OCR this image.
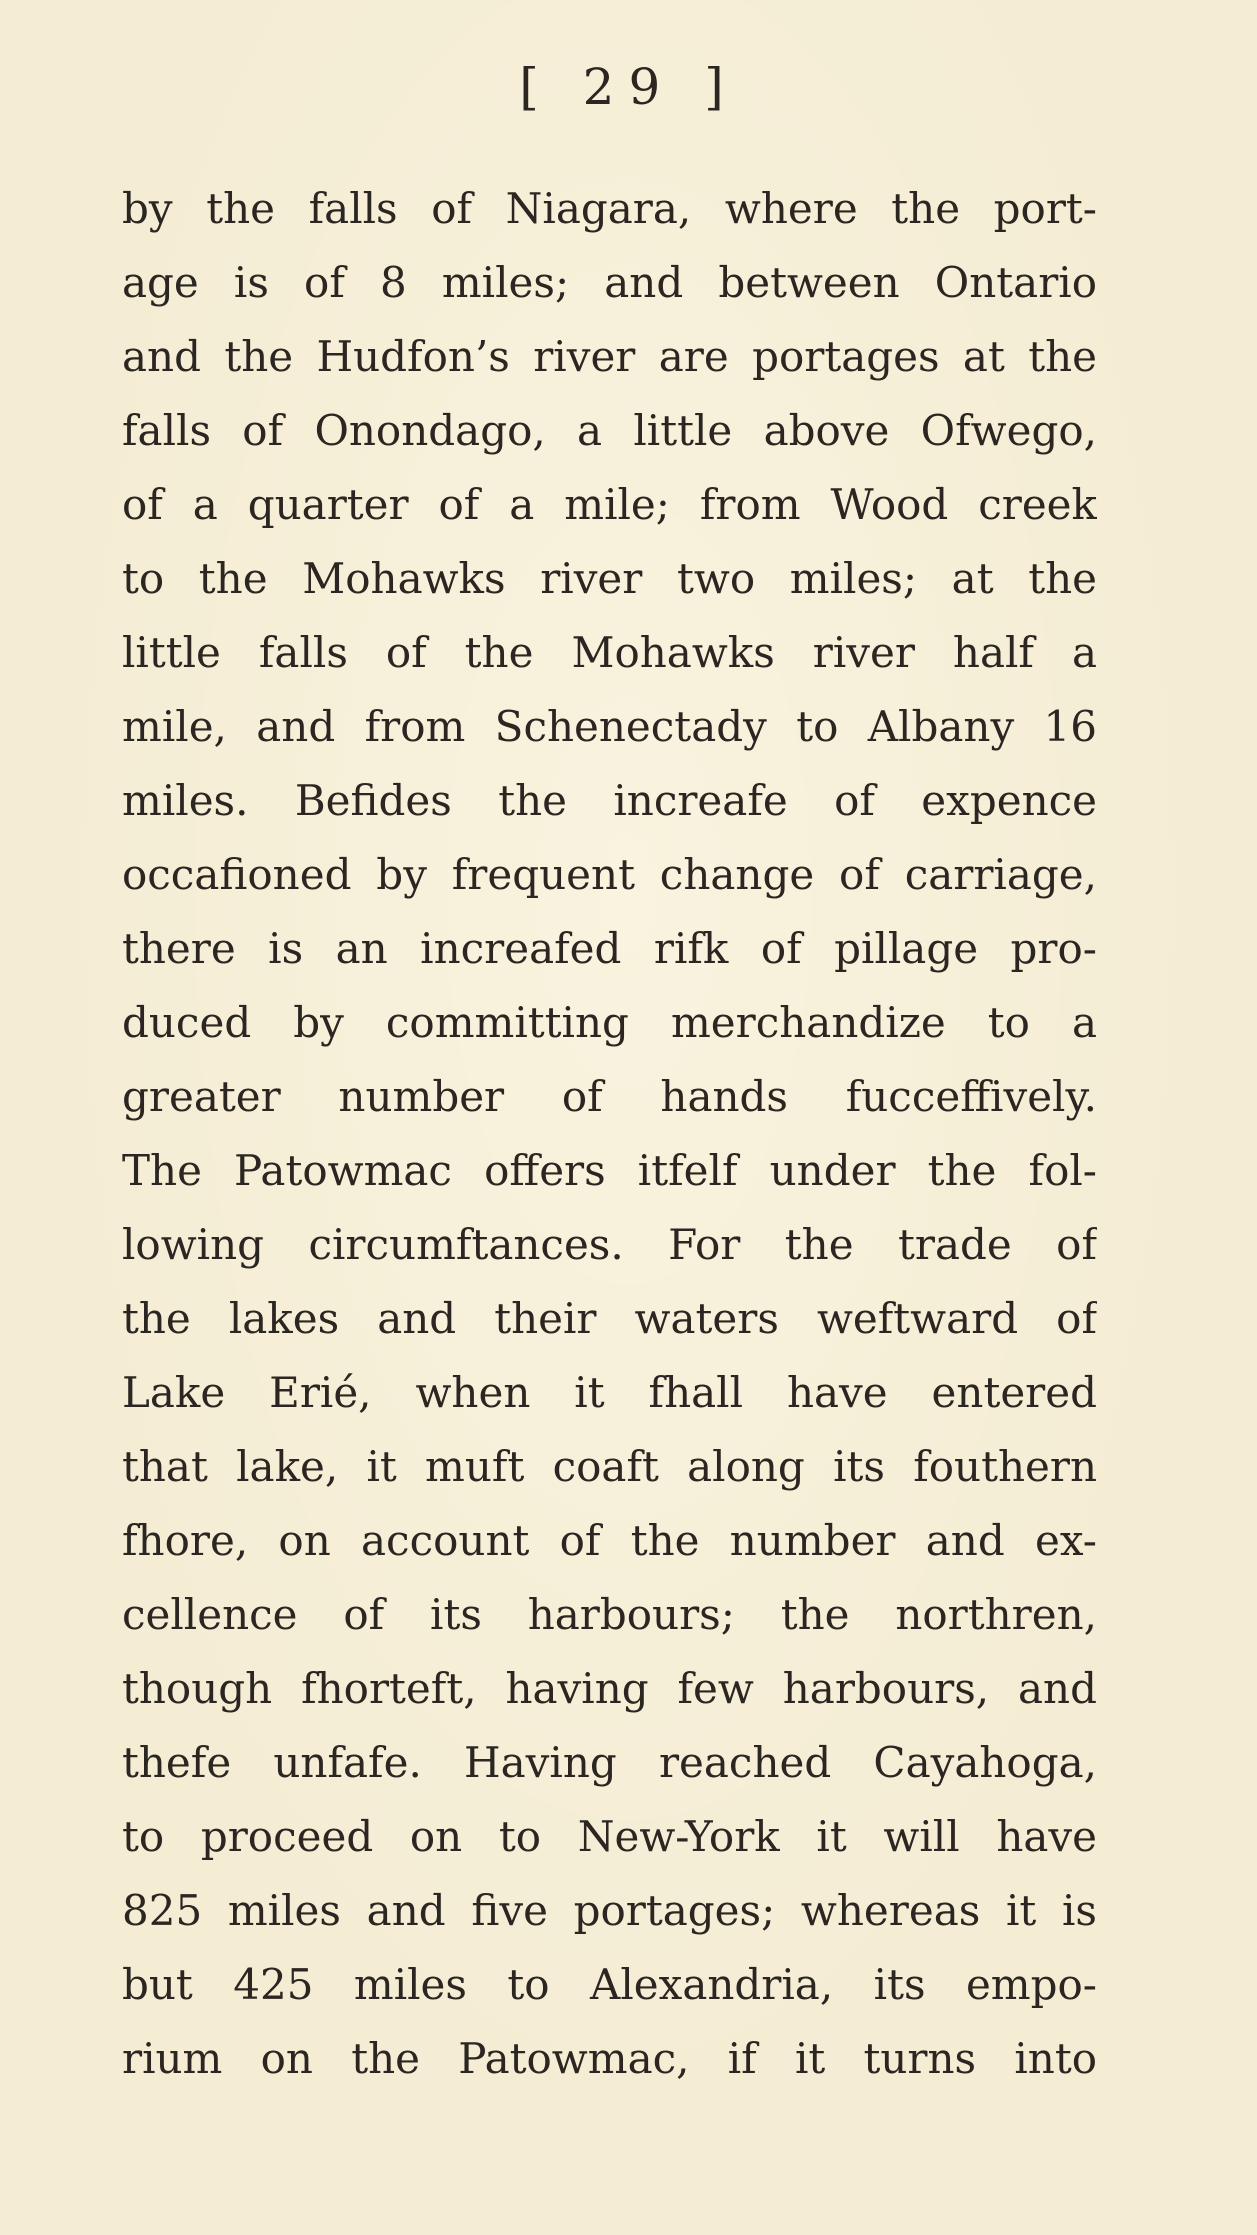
[ 29 ]
by the falls of Niagara, where the port-
age is of 8 miles; and between Ontario
and the Hudfon’s river are portages at the
falls of Onondago, a little above Ofwego,
of a quarter of a mile; from Wood creek
to the Mohawks river two miles; at the
little falls of the Mohawks river half a
mile, and from Schenectady to Albany 16
miles. Befides the increafe of expence
occafioned by frequent change of carriage,
there is an increafed rifk of pillage pro-
duced by committing merchandize to a
greater number of hands fucceffively.
The Patowmac offers itfelf under the fol-
lowing circumftances. For the trade of
the lakes and their waters weftward of
Lake Erié, when it fhall have entered
that lake, it muft coaft along its fouthern
fhore, on account of the number and ex-
cellence of its harbours; the northren,
though fhorteft, having few harbours, and
thefe unfafe. Having reached Cayahoga,
to proceed on to New-York it will have
825 miles and five portages; whereas it is
but 425 miles to Alexandria, its empo-
rium on the Patowmac, if it turns into
